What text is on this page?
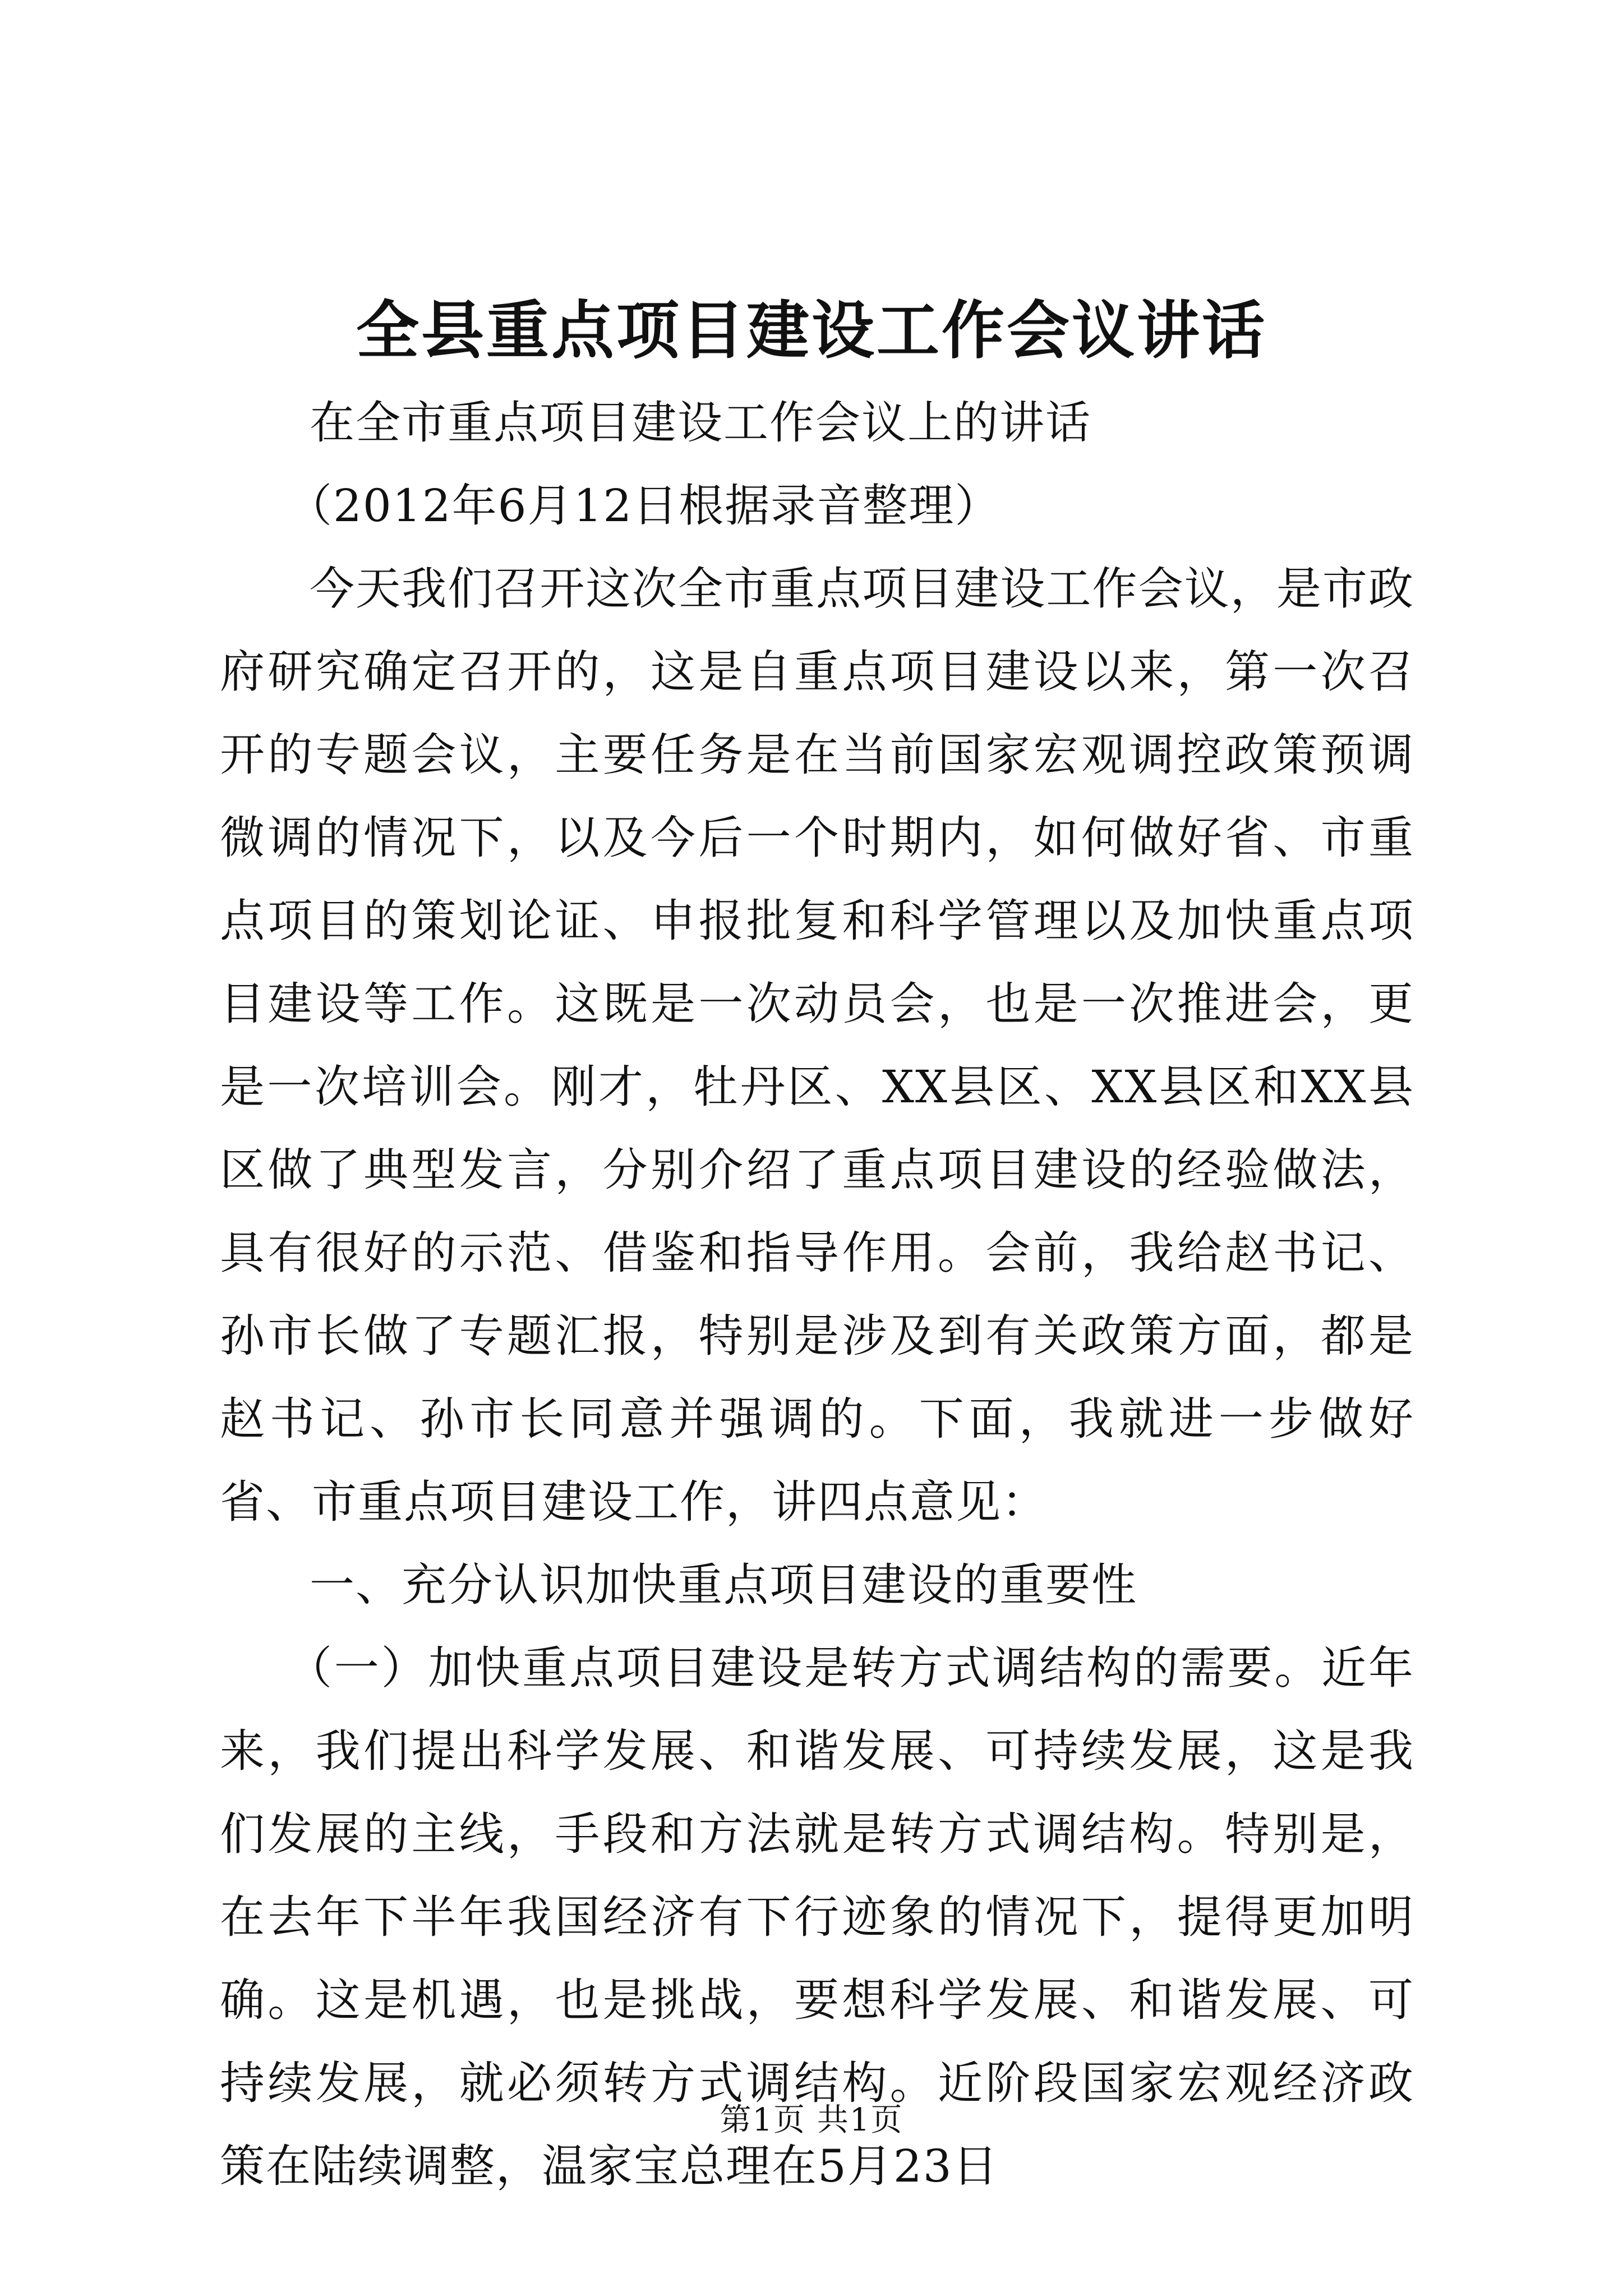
全县重点项目建设工作会议讲话

在全市重点项目建设工作会议上的讲话

（2012年6月12日根据录音整理）

今天我们召开这次全市重点项目建设工作会议，是市政府研究确定召开的，这是自重点项目建设以来，第一次召开的专题会议，主要任务是在当前国家宏观调控政策预调微调的情况下，以及今后一个时期内，如何做好省、市重点项目的策划论证、申报批复和科学管理以及加快重点项目建设等工作。这既是一次动员会，也是一次推进会，更是一次培训会。刚才，牡丹区、XX县区、XX县区和XX县区做了典型发言，分别介绍了重点项目建设的经验做法，具有很好的示范、借鉴和指导作用。会前，我给赵书记、孙市长做了专题汇报，特别是涉及到有关政策方面，都是赵书记、孙市长同意并强调的。下面，我就进一步做好省、市重点项目建设工作，讲四点意见：

一、充分认识加快重点项目建设的重要性

（一）加快重点项目建设是转方式调结构的需要。近年来，我们提出科学发展、和谐发展、可持续发展，这是我们发展的主线，手段和方法就是转方式调结构。特别是，在去年下半年我国经济有下行迹象的情况下，提得更加明确。这是机遇，也是挑战，要想科学发展、和谐发展、可持续发展，就必须转方式调结构。近阶段国家宏观经济政策在陆续调整，温家宝总理在5月23日

第1页 共1页
